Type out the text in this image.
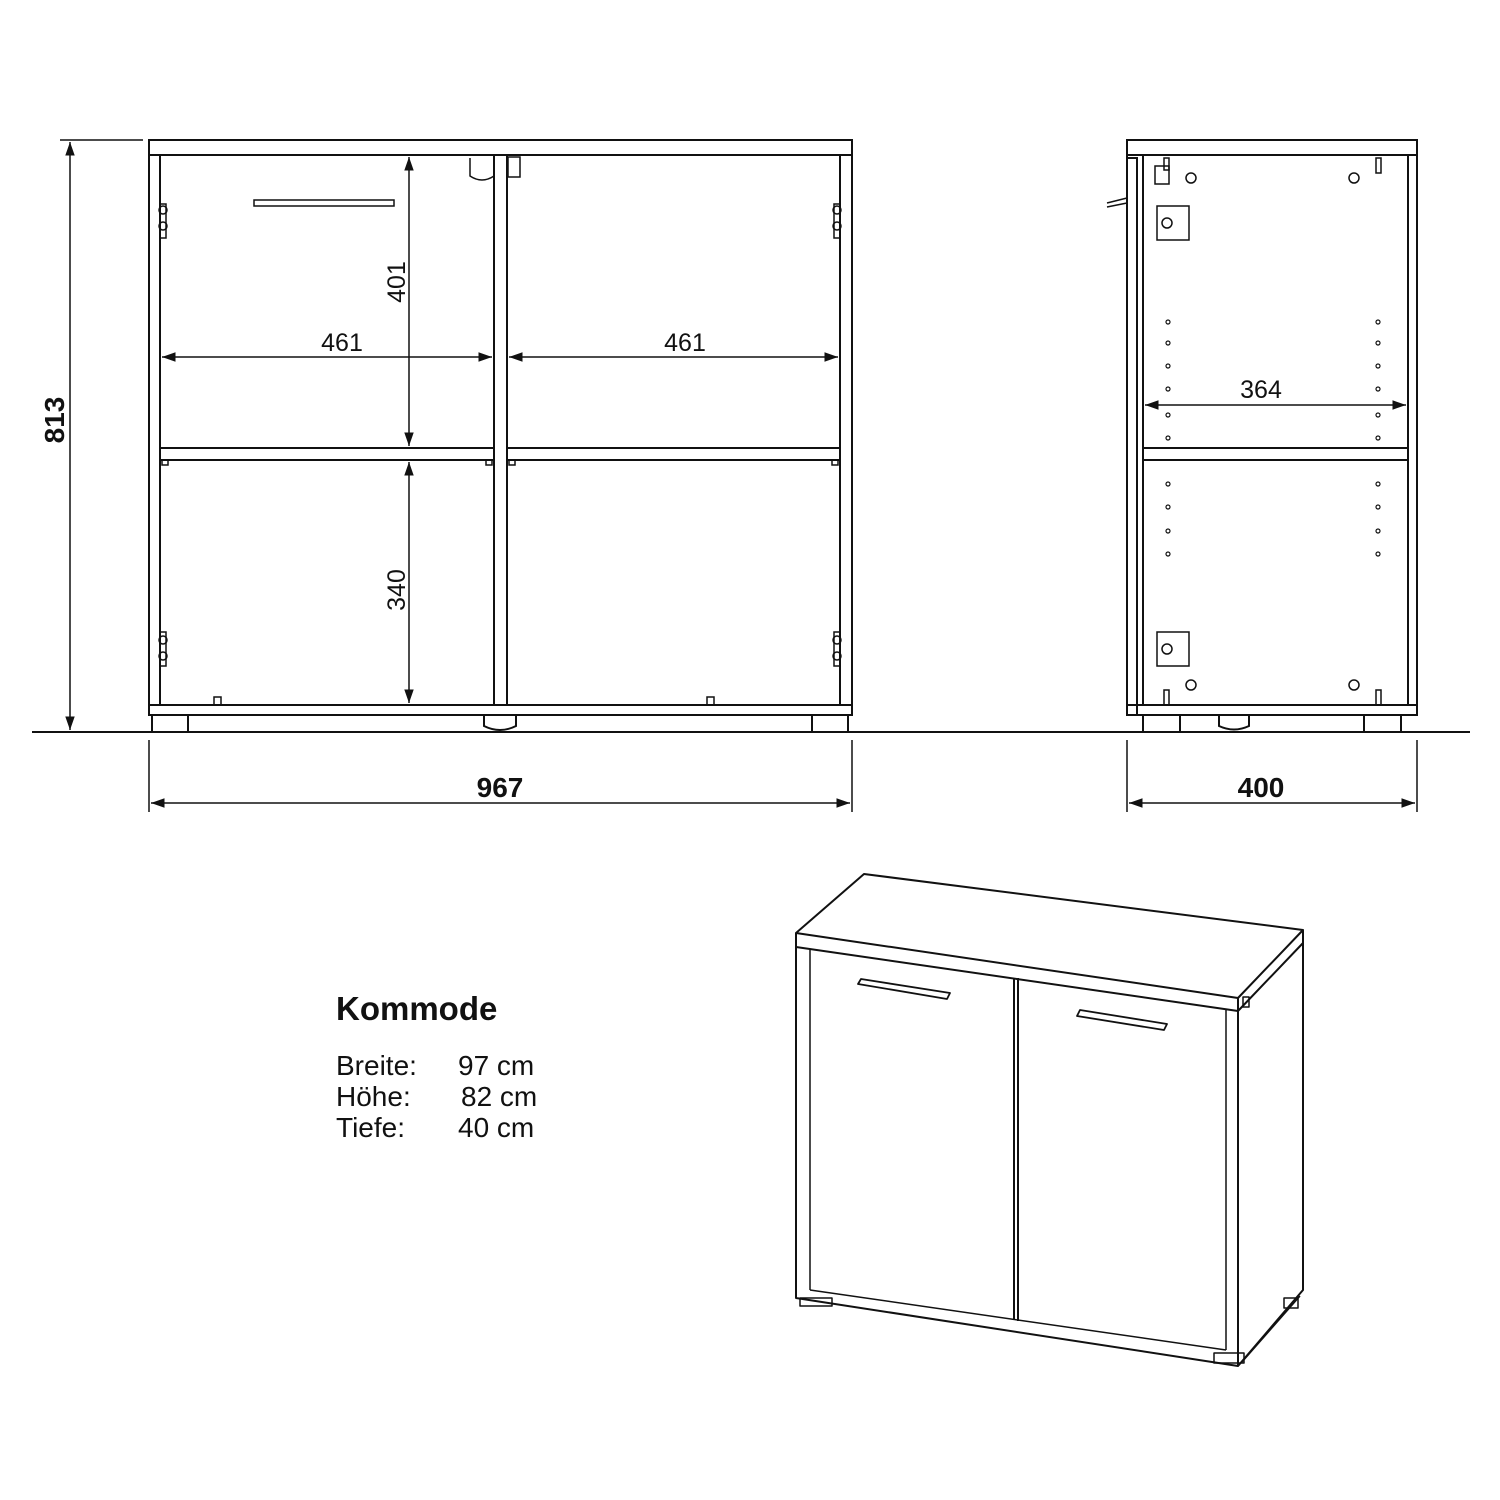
813
967
461	461
401
340
400
364
Kommode
Breite:	97 cm
Höhe:	82 cm
Tiefe:	40 cm
